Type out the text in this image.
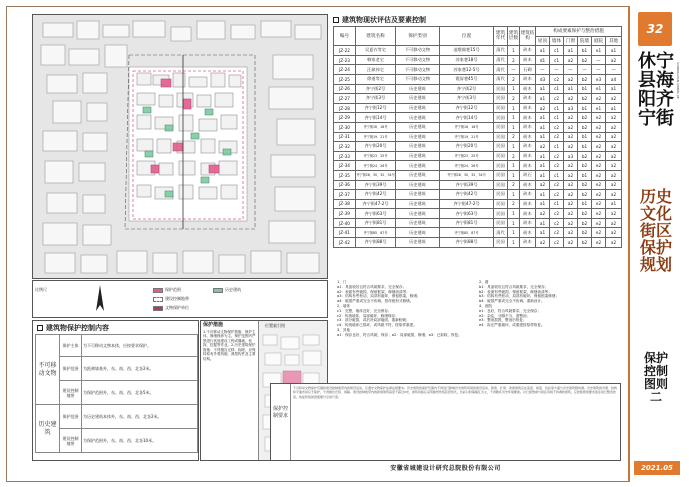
比例尺	保护范围
建设控制地带
文物保护单位
历史建筑
建筑物保护控制内容
不可移动文物	保护主体	为不可移动文物本体，应按要求保护。
	保护范围	为距离墙基外、东、南、西、北各2米。
	建设控制地带	为保护范围外、东、南、西、北各5米。
历史建筑	保护范围	为历史建筑本体外，东、南、西、北各2米。
	建设控制地带	为保护范围外，东、南、西、北各10米。
保护措施
1.不可移动文物保护措施：保护主体，修缮保养为主。保护范围内严禁进行其他建设工程或爆破、钻探、挖掘等作业。2.历史建筑保护措施：不得擅自迁移、拆除，应保持原有外观风貌、典型构件及主要结构。
位置索引图
建筑物现状评估及要素控制
编号	建筑名称	保护类别	位置	建筑年代	建筑层数	建筑结构	构成要素保护与整治措施					
							屋顶	墙体	门窗	院墙	庭院	其他
JZ-22	吴夏衣等宅	不可移动文物	池墩阁巷15号	清代	1	砖木	a1	c1	a1	b1	e1	a1
JZ-23	韩家老宅	不可移动文物	苏家巷18号	清代	2	砖木	d1	c1	a2	b2	—	a2
JZ-24	汪斌伟宅	不可移动文物	苏家巷12-5号	清代	—	石砌	—	—	—	—	—	—
JZ-25	徐道等宅	不可移动文物	霞屏巷45号	清代	2	砖木	d3	c2	a2	b2	e3	a4
JZ-26	齐宁街2号	历史建筑	齐宁街2号	民国	1	砖木	a1	c1	a1	b1	e1	a1
JZ-27	齐宁街3号	历史建筑	齐宁街3号	民国	2	砖木	a1	c2	a2	b2	e2	a2
JZ-28	齐宁街12号	历史建筑	齐宁街12号	民国	1	砖木	a2	c1	a3	b1	e1	a1
JZ-29	齐宁街14号	历史建筑	齐宁街14号	民国	1	砖木	a1	c1	a2	b2	e2	a2
JZ-30	齐宁街16、18号	历史建筑	齐宁街16、18号	民国	1	砖木	a1	c2	a2	b2	e2	a2
JZ-31	齐宁街19、21号	历史建筑	齐宁街19、21号	民国	2	砖木	a1	c2	a2	b1	e2	a2
JZ-32	齐宁街20号	历史建筑	齐宁街20号	民国	1	砖木	a2	c1	a2	b1	e2	a2
JZ-33	齐宁街23、25号	历史建筑	齐宁街23、25号	民国	2	砖木	a1	c2	a3	b2	e2	a2
JZ-34	齐宁街24、26号	历史建筑	齐宁街24、26号	民国	1	砖木	a1	c2	a2	b2	e2	a2
JZ-35	齐宁街28、30、32、34号	历史建筑	齐宁街28、30、32、34号	民国	1	砖石	a1	c1	a2	b1	e2	a2
JZ-36	齐宁街39号	历史建筑	齐宁街39号	民国	2	砖木	a2	c2	a2	b2	e2	a2
JZ-37	齐宁街42号	历史建筑	齐宁街42号	民国	1	砖木	a1	c2	a2	b2	e2	a2
JZ-38	齐宁街47-2号	历史建筑	齐宁街47-2号	民国	2	砖木	a1	c1	a2	b1	e2	a1
JZ-39	齐宁街63号	历史建筑	齐宁街63号	民国	1	砖木	a2	c2	a2	b2	e2	a2
JZ-40	齐宁街81号	历史建筑	齐宁街81号	民国	1	砖木	a1	c2	a2	b2	e2	a2
JZ-41	齐宁街85、87号	历史建筑	齐宁街85、87号	清代	1	砖木	a1	c2	a2	b2	e2	a2
JZ-42	齐宁街88号	历史建筑	齐宁街88号	民国	1	砖木	a2	c2	a2	b2	e2	a2
1、门
a1：具备较好且符合风貌要求，完全保存；
a2：表面有些破损，保留框架，修缮油漆等；
a3：结构有些松动，局部有破坏，保留框架，修缮；
a4：破损严重或完全不协调，按传统形式修缮。
2、墙体
c1：完整，墙体良好，完全保存；
c2：传统墙体，局部破坏，修缮保存；
c3：部分破损，或后补局部墙面，重新粉刷；
c4：传统墙体已损坏，或风貌不符，按原样重建。
3、其他
a1：保存良好，符合风貌，保存；a2：局部破损，修缮；a3：已拆除，恢复。
2、窗
b1：具备较好且符合风貌要求，完全保存；
b2：表面有些破损，保留框架，修缮油漆等；
b3：结构有些松动，局部有破坏，保留框架修缮；
b4：破损严重或完全不协调，重新设计。
4、庭院
e1：良好，符合风貌要求，完全保存；
e2：杂乱，分隔不当，需整治；
e3：整治损毁，整治后恢复；
e4：拆迁严重破坏，或重建按原样恢复。
保护控制要求
不可移动文物保护范围和建设控制地带内的建设活动，应遵守文物保护法律法规要求。历史建筑的保护范围内不得进行影响历史建筑风貌的建设活动，新建、扩建、改建建筑应在高度、体量、色彩等方面与历史建筑相协调。历史建筑的外观、结构和平面布局应予保护，不得擅自迁移、拆除。建设控制地带内的新建建筑高度不超过9米，建筑风格应采用徽州传统民居形式，色彩以粉墙黛瓦为主，不得破坏历史环境要素。对已损毁或与街区风貌不协调的建筑，应按照规划要求逐步进行整治改造，恢复传统街巷肌理与空间尺度。
安徽省城建设计研究总院股份有限公司
32
休宁县海阳齐宁街
XIUNINGXIAN QINING JIE
历史文化街区保护规划
保护控制图则二
2021.05
